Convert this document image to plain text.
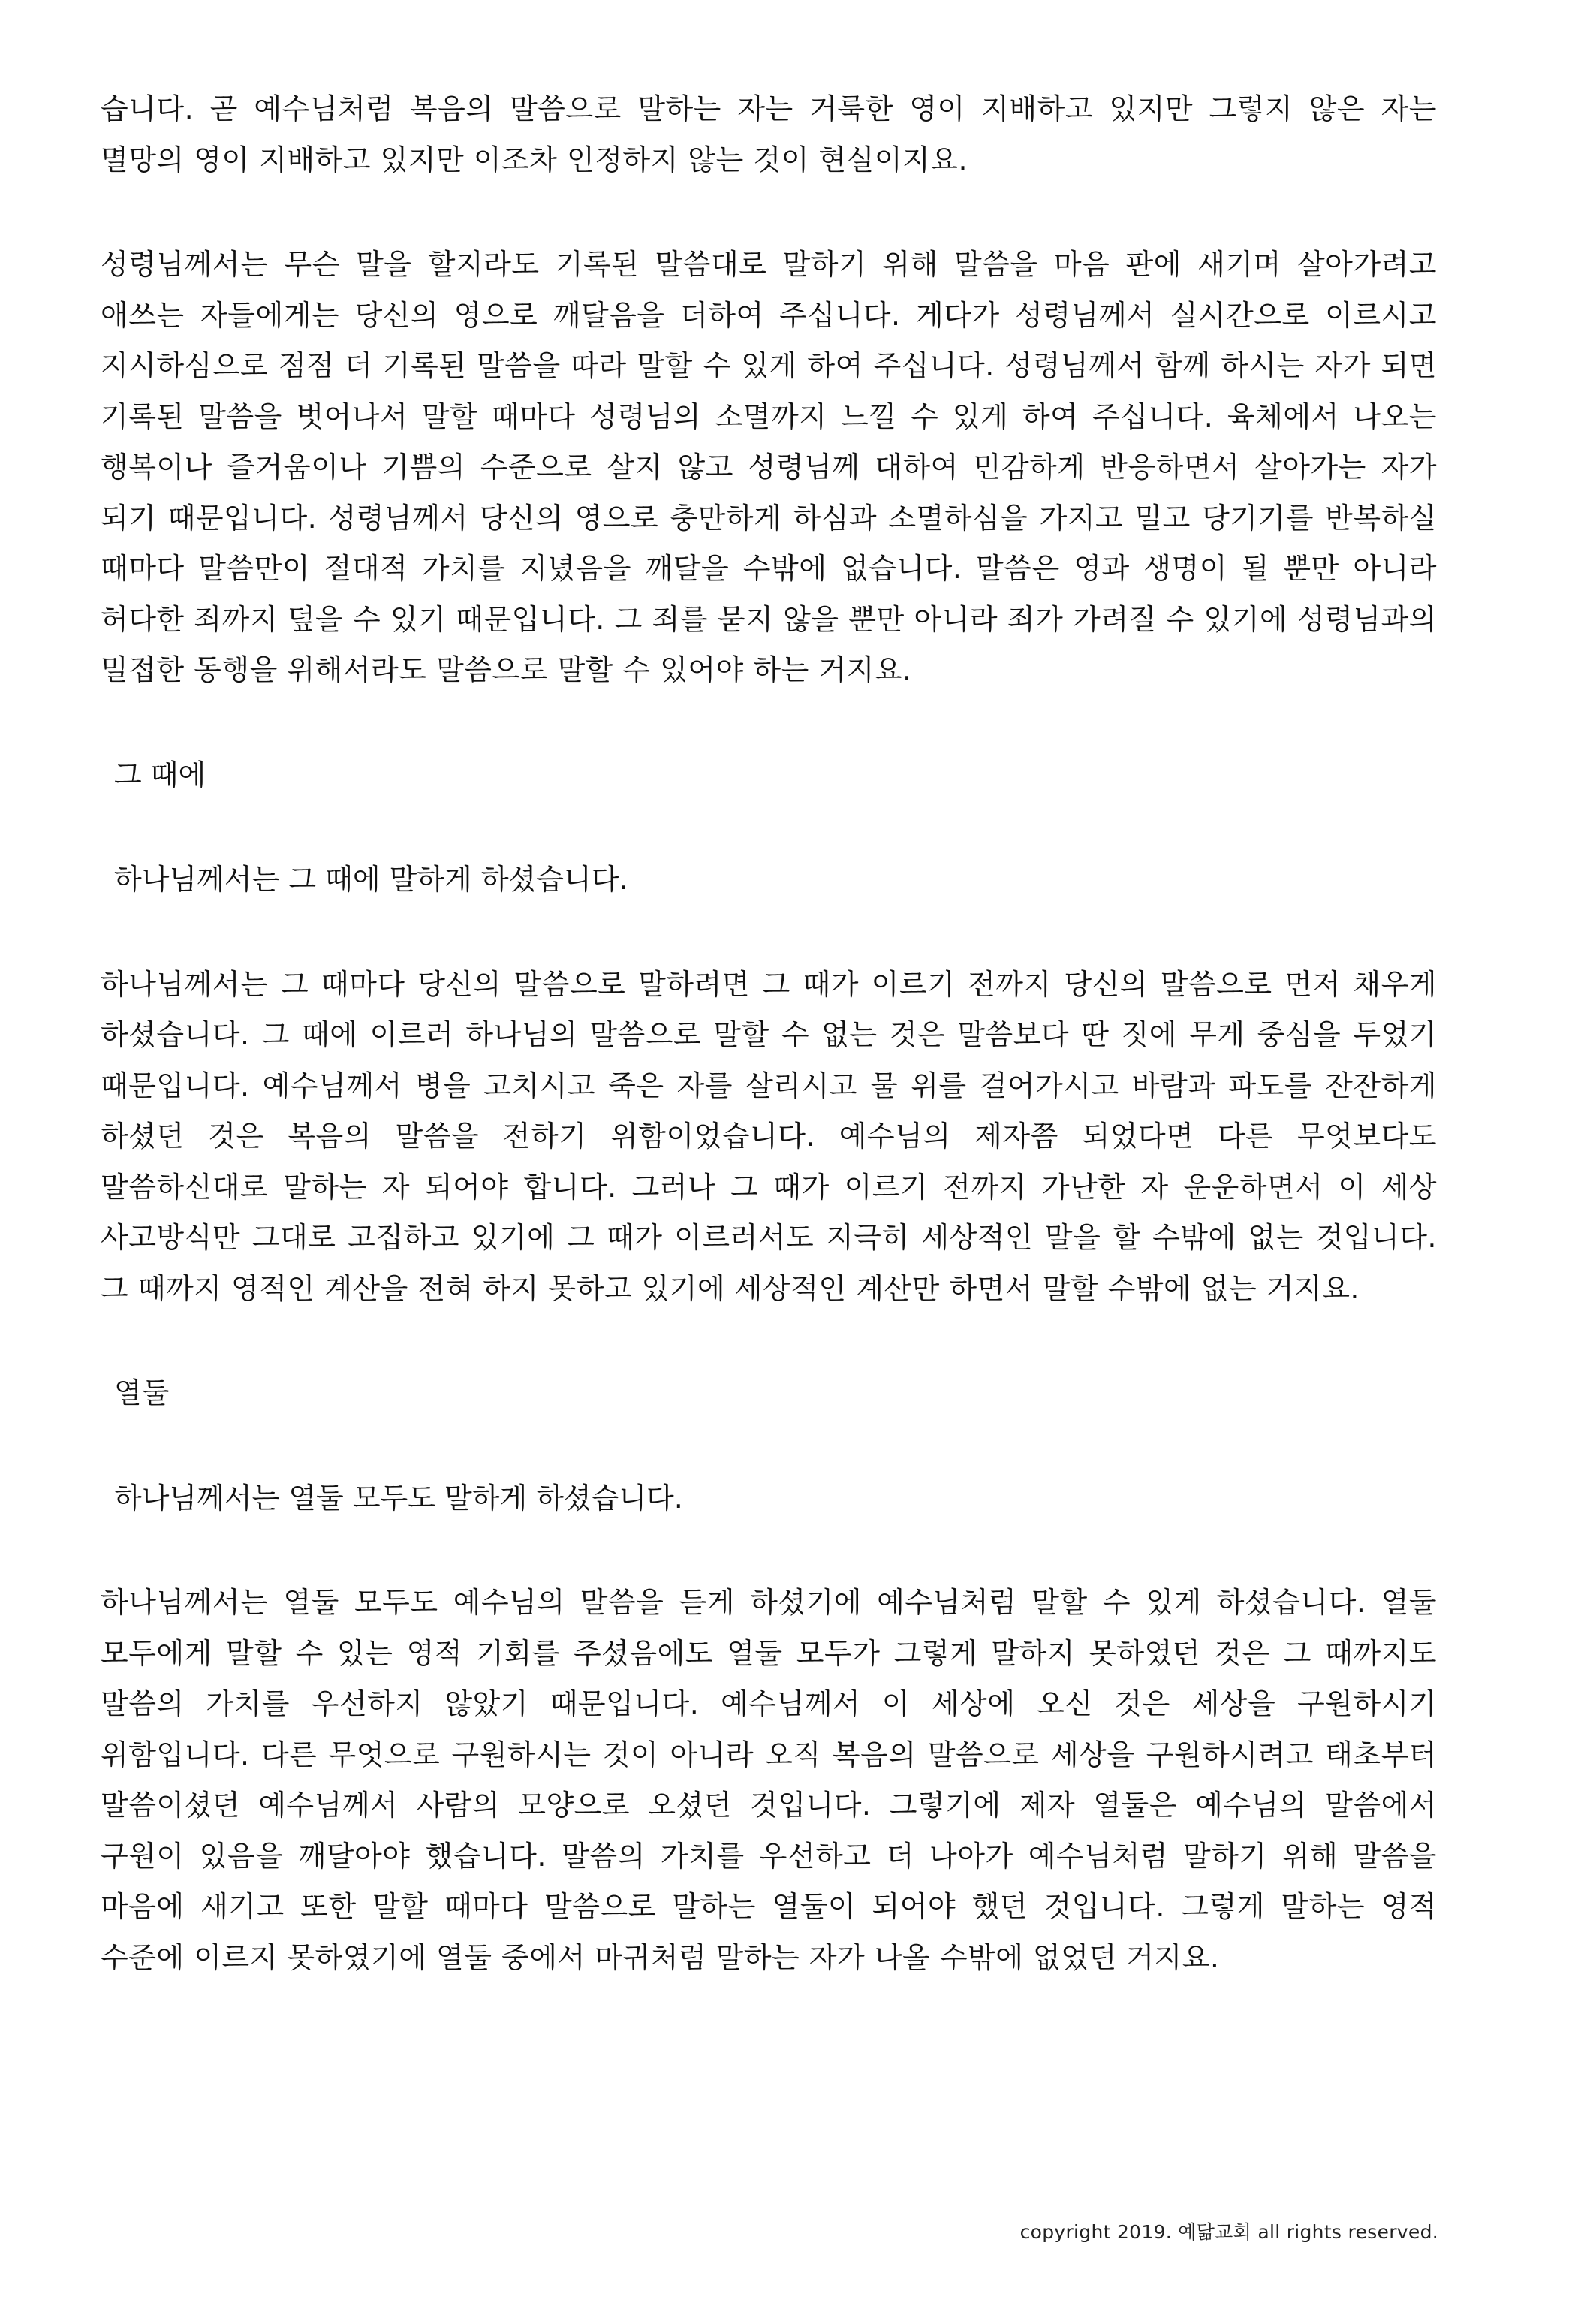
습니다. 곧 예수님처럼 복음의 말씀으로 말하는 자는 거룩한 영이 지배하고 있지만 그렇지 않은 자는 멸망의 영이 지배하고 있지만 이조차 인정하지 않는 것이 현실이지요.

성령님께서는 무슨 말을 할지라도 기록된 말씀대로 말하기 위해 말씀을 마음 판에 새기며 살아가려고 애쓰는 자들에게는 당신의 영으로 깨달음을 더하여 주십니다. 게다가 성령님께서 실시간으로 이르시고 지시하심으로 점점 더 기록된 말씀을 따라 말할 수 있게 하여 주십니다. 성령님께서 함께 하시는 자가 되면 기록된 말씀을 벗어나서 말할 때마다 성령님의 소멸까지 느낄 수 있게 하여 주십니다. 육체에서 나오는 행복이나 즐거움이나 기쁨의 수준으로 살지 않고 성령님께 대하여 민감하게 반응하면서 살아가는 자가 되기 때문입니다. 성령님께서 당신의 영으로 충만하게 하심과 소멸하심을 가지고 밀고 당기기를 반복하실 때마다 말씀만이 절대적 가치를 지녔음을 깨달을 수밖에 없습니다. 말씀은 영과 생명이 될 뿐만 아니라 허다한 죄까지 덮을 수 있기 때문입니다. 그 죄를 묻지 않을 뿐만 아니라 죄가 가려질 수 있기에 성령님과의 밀접한 동행을 위해서라도 말씀으로 말할 수 있어야 하는 거지요.

그 때에

하나님께서는 그 때에 말하게 하셨습니다.

하나님께서는 그 때마다 당신의 말씀으로 말하려면 그 때가 이르기 전까지 당신의 말씀으로 먼저 채우게 하셨습니다. 그 때에 이르러 하나님의 말씀으로 말할 수 없는 것은 말씀보다 딴 짓에 무게 중심을 두었기 때문입니다. 예수님께서 병을 고치시고 죽은 자를 살리시고 물 위를 걸어가시고 바람과 파도를 잔잔하게 하셨던 것은 복음의 말씀을 전하기 위함이었습니다. 예수님의 제자쯤 되었다면 다른 무엇보다도 말씀하신대로 말하는 자 되어야 합니다. 그러나 그 때가 이르기 전까지 가난한 자 운운하면서 이 세상 사고방식만 그대로 고집하고 있기에 그 때가 이르러서도 지극히 세상적인 말을 할 수밖에 없는 것입니다. 그 때까지 영적인 계산을 전혀 하지 못하고 있기에 세상적인 계산만 하면서 말할 수밖에 없는 거지요.

열둘

하나님께서는 열둘 모두도 말하게 하셨습니다.

하나님께서는 열둘 모두도 예수님의 말씀을 듣게 하셨기에 예수님처럼 말할 수 있게 하셨습니다. 열둘 모두에게 말할 수 있는 영적 기회를 주셨음에도 열둘 모두가 그렇게 말하지 못하였던 것은 그 때까지도 말씀의 가치를 우선하지 않았기 때문입니다. 예수님께서 이 세상에 오신 것은 세상을 구원하시기 위함입니다. 다른 무엇으로 구원하시는 것이 아니라 오직 복음의 말씀으로 세상을 구원하시려고 태초부터 말씀이셨던 예수님께서 사람의 모양으로 오셨던 것입니다. 그렇기에 제자 열둘은 예수님의 말씀에서 구원이 있음을 깨달아야 했습니다. 말씀의 가치를 우선하고 더 나아가 예수님처럼 말하기 위해 말씀을 마음에 새기고 또한 말할 때마다 말씀으로 말하는 열둘이 되어야 했던 것입니다. 그렇게 말하는 영적 수준에 이르지 못하였기에 열둘 중에서 마귀처럼 말하는 자가 나올 수밖에 없었던 거지요.

copyright 2019. 예닮교회 all rights reserved.
